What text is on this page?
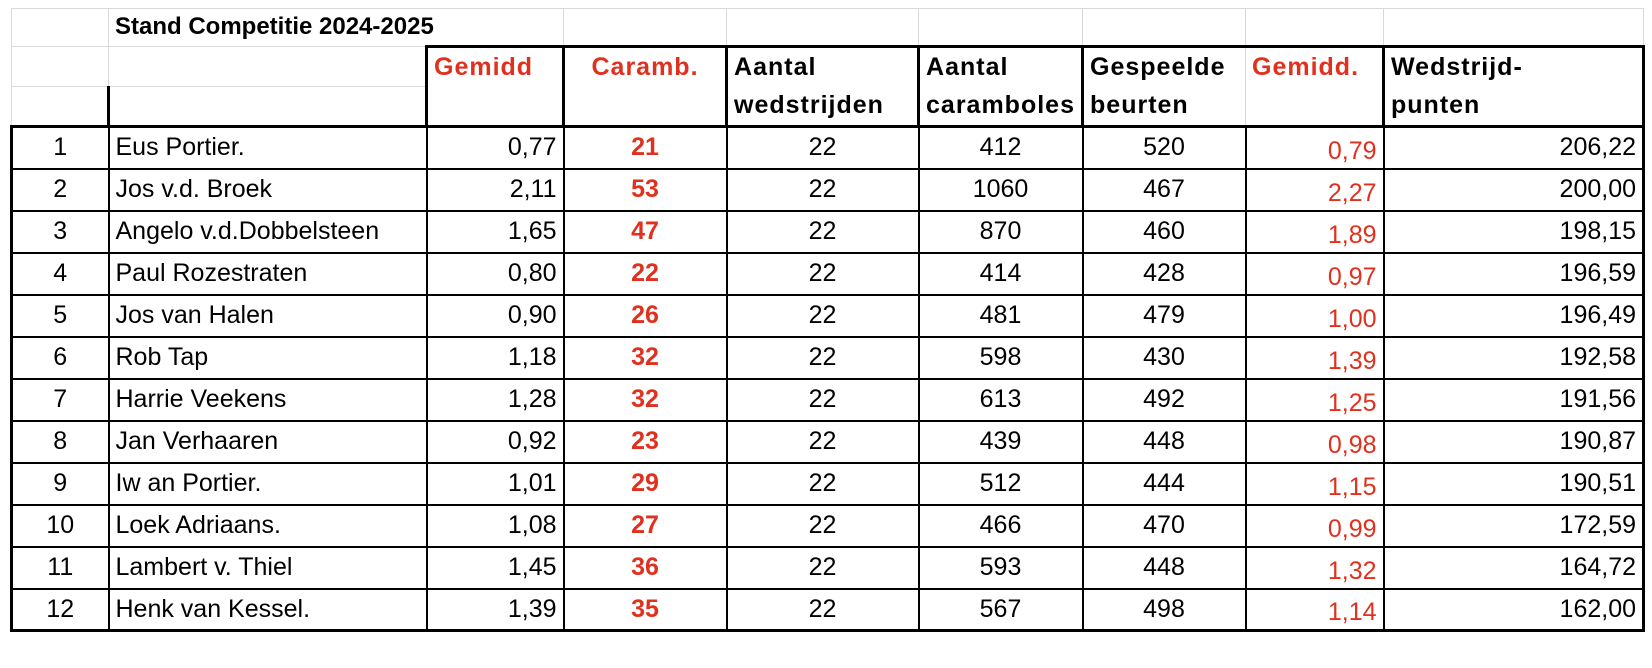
	Stand Competitie 2024-2025							
		Gemidd	Caramb.	Aantal	Aantal	Gespeelde	Gemidd.	Wedstrijd-
				wedstrijden	caramboles	beurten		punten
1	Eus Portier.	0,77	21	22	412	520	0,79	206,22
2	Jos v.d. Broek	2,11	53	22	1060	467	2,27	200,00
3	Angelo v.d.Dobbelsteen	1,65	47	22	870	460	1,89	198,15
4	Paul Rozestraten	0,80	22	22	414	428	0,97	196,59
5	Jos van Halen	0,90	26	22	481	479	1,00	196,49
6	Rob Tap	1,18	32	22	598	430	1,39	192,58
7	Harrie Veekens	1,28	32	22	613	492	1,25	191,56
8	Jan Verhaaren	0,92	23	22	439	448	0,98	190,87
9	Iw an Portier.	1,01	29	22	512	444	1,15	190,51
10	Loek Adriaans.	1,08	27	22	466	470	0,99	172,59
11	Lambert v. Thiel	1,45	36	22	593	448	1,32	164,72
12	Henk van Kessel.	1,39	35	22	567	498	1,14	162,00
